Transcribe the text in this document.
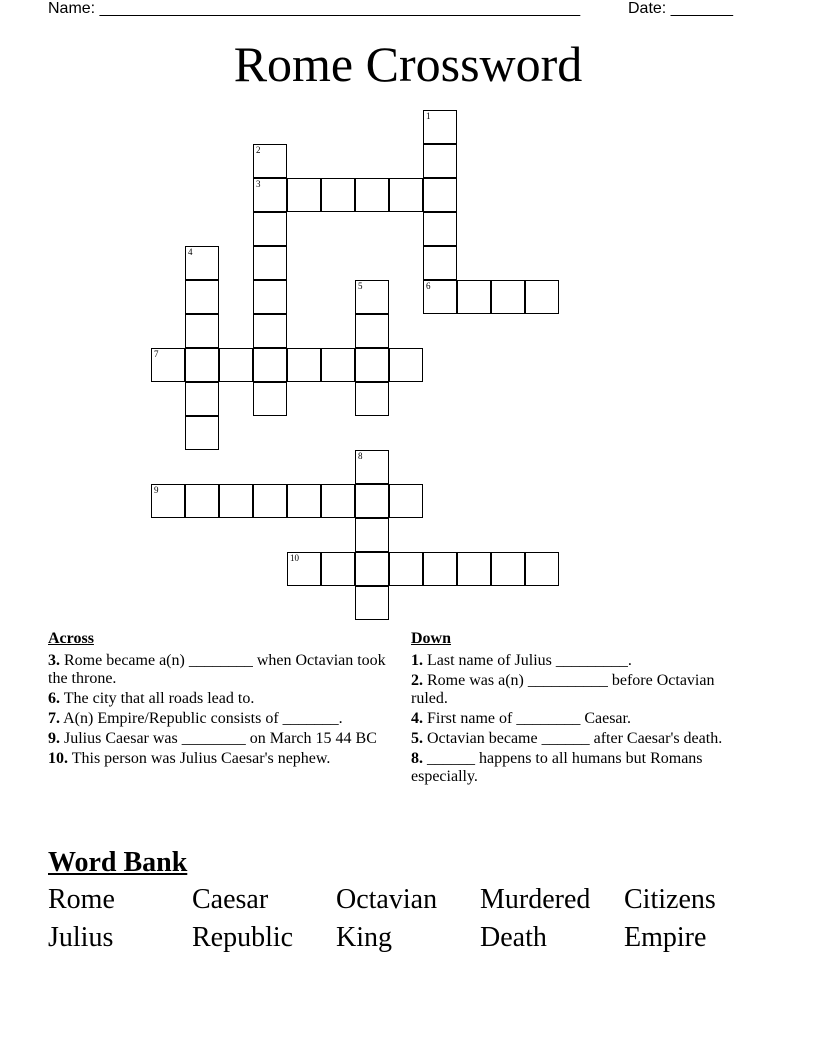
Name: ______________________________________________________	Date: _______
Rome Crossword
1
2
3
4
5	6
7
8
9
10
Across
3. Rome became a(n) ________ when Octavian took the throne.
6. The city that all roads lead to.
7. A(n) Empire/Republic consists of _______.
9. Julius Caesar was ________ on March 15 44 BC
10. This person was Julius Caesar's nephew.
Down
1. Last name of Julius _________.
2. Rome was a(n) __________ before Octavian ruled.
4. First name of ________ Caesar.
5. Octavian became ______ after Caesar's death.
8. ______ happens to all humans but Romans especially.
Word Bank
Rome	Caesar	Octavian	Murdered	Citizens
Julius	Republic	King	Death	Empire
